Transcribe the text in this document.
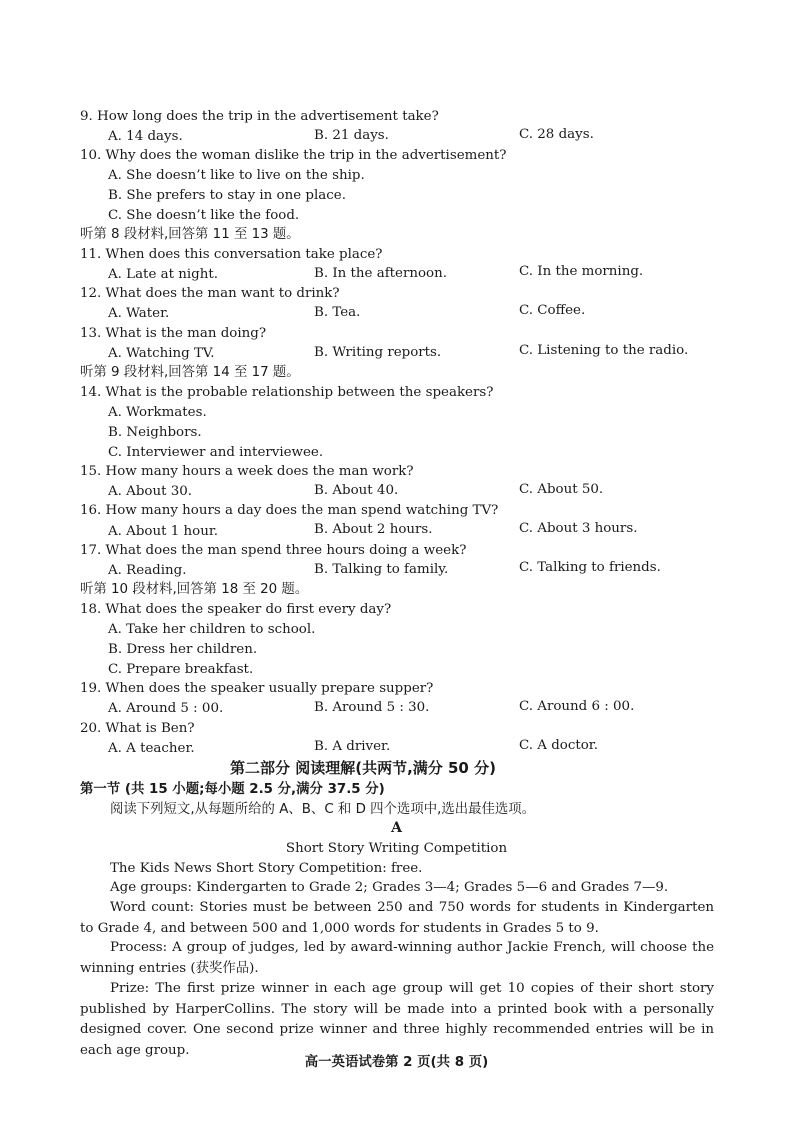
9. How long does the trip in the advertisement take?
A. 14 days.	B. 21 days.	C. 28 days.
10. Why does the woman dislike the trip in the advertisement?
A. She doesn’t like to live on the ship.
B. She prefers to stay in one place.
C. She doesn’t like the food.
听第 8 段材料,回答第 11 至 13 题。
11. When does this conversation take place?
A. Late at night.	B. In the afternoon.	C. In the morning.
12. What does the man want to drink?
A. Water.	B. Tea.	C. Coffee.
13. What is the man doing?
A. Watching TV.	B. Writing reports.	C. Listening to the radio.
听第 9 段材料,回答第 14 至 17 题。
14. What is the probable relationship between the speakers?
A. Workmates.
B. Neighbors.
C. Interviewer and interviewee.
15. How many hours a week does the man work?
A. About 30.	B. About 40.	C. About 50.
16. How many hours a day does the man spend watching TV?
A. About 1 hour.	B. About 2 hours.	C. About 3 hours.
17. What does the man spend three hours doing a week?
A. Reading.	B. Talking to family.	C. Talking to friends.
听第 10 段材料,回答第 18 至 20 题。
18. What does the speaker do first every day?
A. Take her children to school.
B. Dress her children.
C. Prepare breakfast.
19. When does the speaker usually prepare supper?
A. Around 5 : 00.	B. Around 5 : 30.	C. Around 6 : 00.
20. What is Ben?
A. A teacher.	B. A driver.	C. A doctor.
第二部分 阅读理解(共两节,满分 50 分)
第一节 (共 15 小题;每小题 2.5 分,满分 37.5 分)
阅读下列短文,从每题所给的 A、B、C 和 D 四个选项中,选出最佳选项。
A
Short Story Writing Competition
The Kids News Short Story Competition: free.
Age groups: Kindergarten to Grade 2; Grades 3—4; Grades 5—6 and Grades 7—9.
Word count: Stories must be between 250 and 750 words for students in Kindergarten to Grade 4, and between 500 and 1,000 words for students in Grades 5 to 9.
Process: A group of judges, led by award-winning author Jackie French, will choose the winning entries (获奖作品).
Prize: The first prize winner in each age group will get 10 copies of their short story published by HarperCollins. The story will be made into a printed book with a personally designed cover. One second prize winner and three highly recommended entries will be in each age group.
高一英语试卷第 2 页(共 8 页)
